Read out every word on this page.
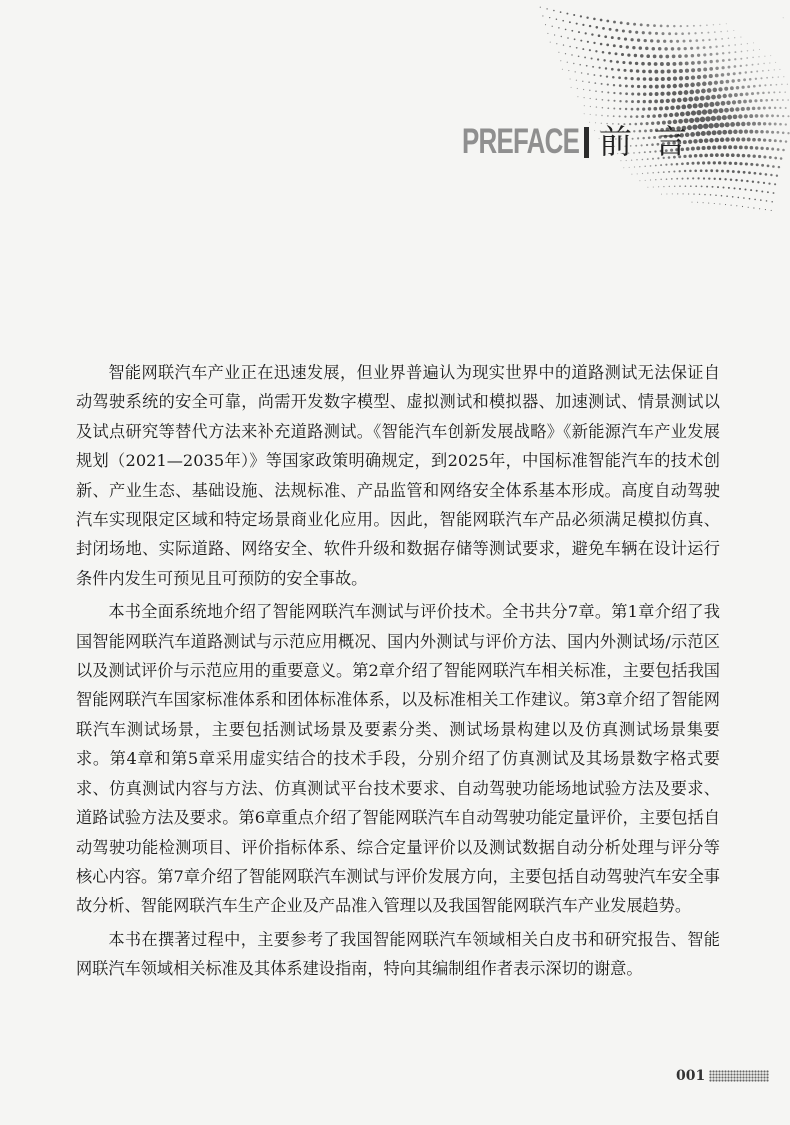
PREFACE 前言

智能网联汽车产业正在迅速发展，但业界普遍认为现实世界中的道路测试无法保证自动驾驶系统的安全可靠，尚需开发数字模型、虚拟测试和模拟器、加速测试、情景测试以及试点研究等替代方法来补充道路测试。《智能汽车创新发展战略》《新能源汽车产业发展规划（2021—2035年）》等国家政策明确规定，到2025年，中国标准智能汽车的技术创新、产业生态、基础设施、法规标准、产品监管和网络安全体系基本形成。高度自动驾驶汽车实现限定区域和特定场景商业化应用。因此，智能网联汽车产品必须满足模拟仿真、封闭场地、实际道路、网络安全、软件升级和数据存储等测试要求，避免车辆在设计运行条件内发生可预见且可预防的安全事故。

本书全面系统地介绍了智能网联汽车测试与评价技术。全书共分7章。第1章介绍了我国智能网联汽车道路测试与示范应用概况、国内外测试与评价方法、国内外测试场/示范区以及测试评价与示范应用的重要意义。第2章介绍了智能网联汽车相关标准，主要包括我国智能网联汽车国家标准体系和团体标准体系，以及标准相关工作建议。第3章介绍了智能网联汽车测试场景，主要包括测试场景及要素分类、测试场景构建以及仿真测试场景集要求。第4章和第5章采用虚实结合的技术手段，分别介绍了仿真测试及其场景数字格式要求、仿真测试内容与方法、仿真测试平台技术要求、自动驾驶功能场地试验方法及要求、道路试验方法及要求。第6章重点介绍了智能网联汽车自动驾驶功能定量评价，主要包括自动驾驶功能检测项目、评价指标体系、综合定量评价以及测试数据自动分析处理与评分等核心内容。第7章介绍了智能网联汽车测试与评价发展方向，主要包括自动驾驶汽车安全事故分析、智能网联汽车生产企业及产品准入管理以及我国智能网联汽车产业发展趋势。

本书在撰著过程中，主要参考了我国智能网联汽车领域相关白皮书和研究报告、智能网联汽车领域相关标准及其体系建设指南，特向其编制组作者表示深切的谢意。

001
